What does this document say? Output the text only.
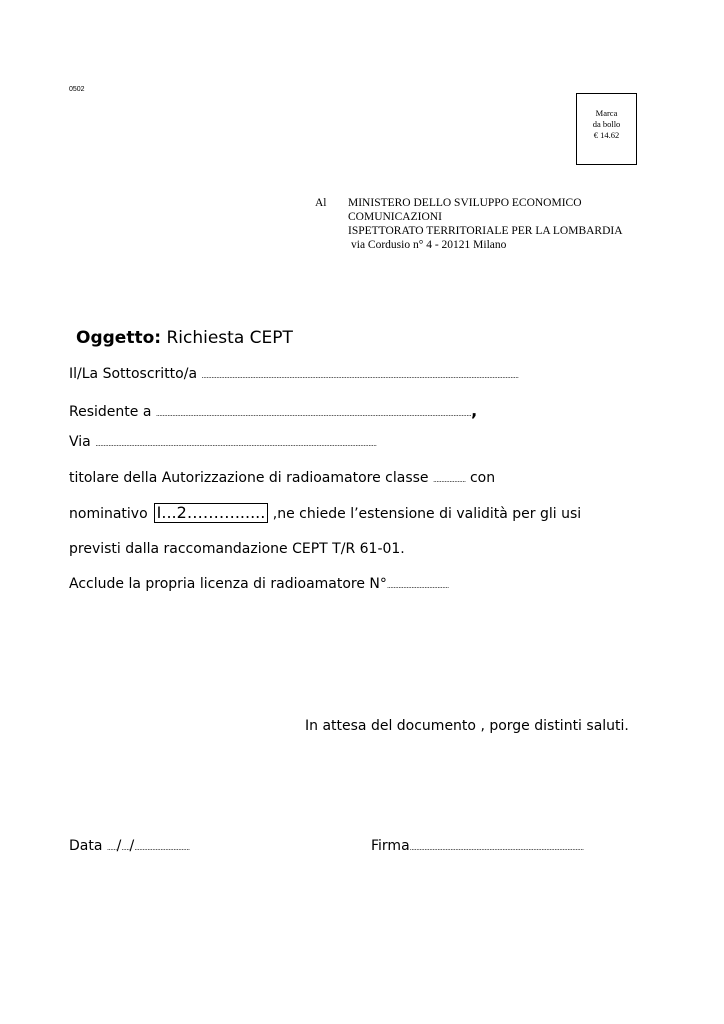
0502
Marca
da bollo
€ 14.62
Al MINISTERO DELLO SVILUPPO ECONOMICO
COMUNICAZIONI
ISPETTORATO TERRITORIALE PER LA LOMBARDIA
via Cordusio n° 4 - 20121 Milano
Oggetto: Richiesta CEPT
Il/La Sottoscritto/a ...................................................................................................................................................................................................
Residente a ..................................................................................................................................................................................................,
Via .............................................................................................................................................................................
titolare della Autorizzazione di radioamatore classe .................... con
nominativo I...2………...... ,ne chiede l’estensione di validità per gli usi
previsti dalla raccomandazione CEPT T/R 61-01.
Acclude la propria licenza di radioamatore N°......................................
In attesa del documento , porge distinti saluti.
Data ....../...../..................................	Firma...........................................................................................................
